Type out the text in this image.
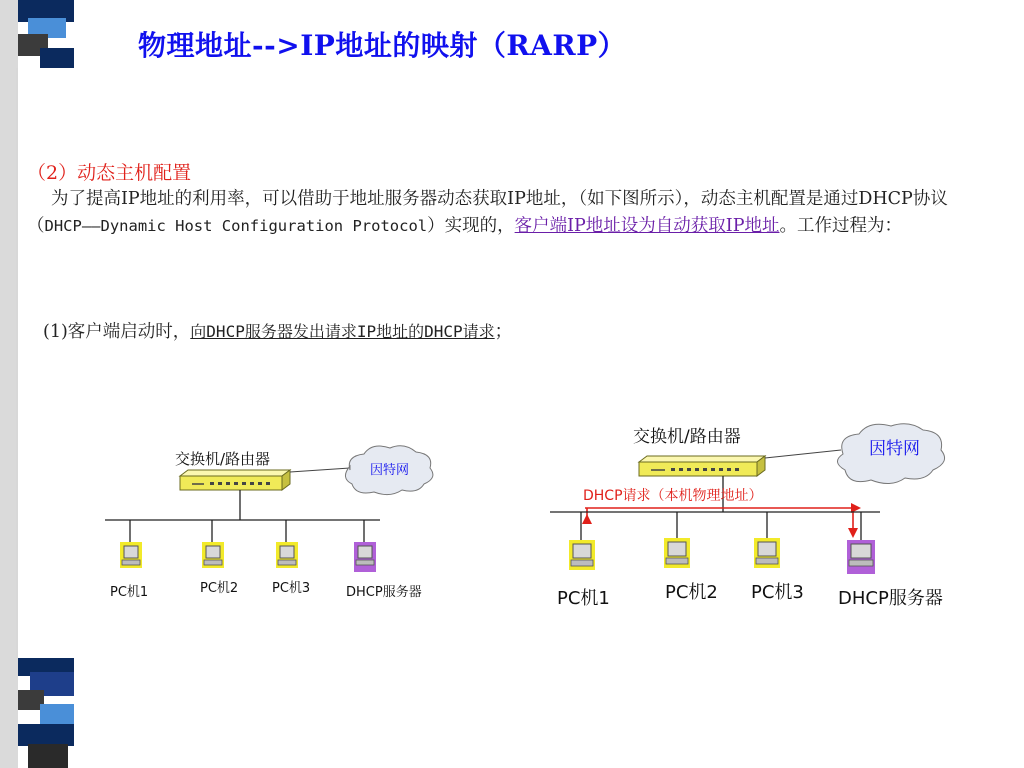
物理地址-->IP地址的映射（RARP）
（2）动态主机配置
为了提高IP地址的利用率，可以借助于地址服务器动态获取IP地址，（如下图所示），动态主机配置是通过DHCP协议（DHCP——Dynamic Host Configuration Protocol）实现的，客户端IP地址设为自动获取IP地址。工作过程为：
(1)客户端启动时，向DHCP服务器发出请求IP地址的DHCP请求；
交换机/路由器
因特网
PC机1	PC机2	PC机3	DHCP服务器
交换机/路由器
因特网
DHCP请求（本机物理地址）
PC机1	PC机2 PC机3 DHCP服务器
